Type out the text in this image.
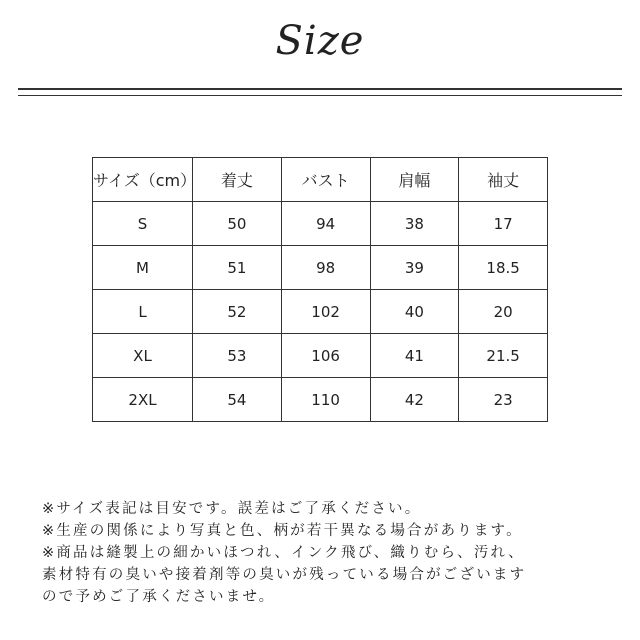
Size
サイズ（cm）	着丈	バスト	肩幅	袖丈
S	50	94	38	17
M	51	98	39	18.5
L	52	102	40	20
XL	53	106	41	21.5
2XL	54	110	42	23
※サイズ表記は目安です。誤差はご了承ください。
※生産の関係により写真と色、柄が若干異なる場合があります。
※商品は縫製上の細かいほつれ、インク飛び、織りむら、汚れ、
素材特有の臭いや接着剤等の臭いが残っている場合がございます
ので予めご了承くださいませ。
